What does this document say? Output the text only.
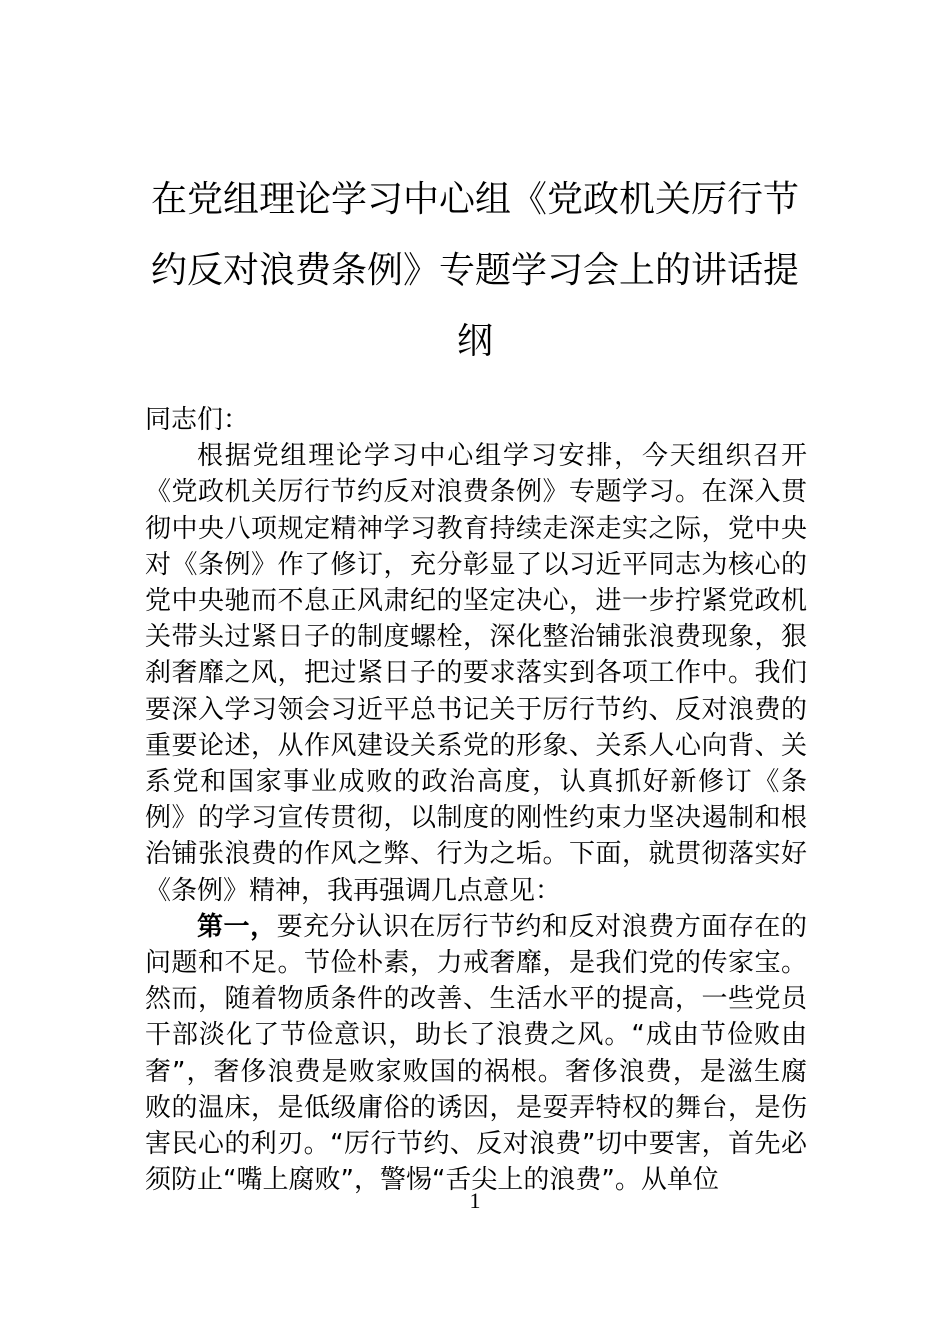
在党组理论学习中心组《党政机关厉行节约反对浪费条例》专题学习会上的讲话提纲

同志们：

根据党组理论学习中心组学习安排，今天组织召开《党政机关厉行节约反对浪费条例》专题学习。在深入贯彻中央八项规定精神学习教育持续走深走实之际，党中央对《条例》作了修订，充分彰显了以习近平同志为核心的党中央驰而不息正风肃纪的坚定决心，进一步拧紧党政机关带头过紧日子的制度螺栓，深化整治铺张浪费现象，狠刹奢靡之风，把过紧日子的要求落实到各项工作中。我们要深入学习领会习近平总书记关于厉行节约、反对浪费的重要论述，从作风建设关系党的形象、关系人心向背、关系党和国家事业成败的政治高度，认真抓好新修订《条例》的学习宣传贯彻，以制度的刚性约束力坚决遏制和根治铺张浪费的作风之弊、行为之垢。下面，就贯彻落实好《条例》精神，我再强调几点意见：

第一，要充分认识在厉行节约和反对浪费方面存在的问题和不足。节俭朴素，力戒奢靡，是我们党的传家宝。然而，随着物质条件的改善、生活水平的提高，一些党员干部淡化了节俭意识，助长了浪费之风。“成由节俭败由奢”，奢侈浪费是败家败国的祸根。奢侈浪费，是滋生腐败的温床，是低级庸俗的诱因，是耍弄特权的舞台，是伤害民心的利刃。“厉行节约、反对浪费”切中要害，首先必须防止“嘴上腐败”，警惕“舌尖上的浪费”。从单位

1
